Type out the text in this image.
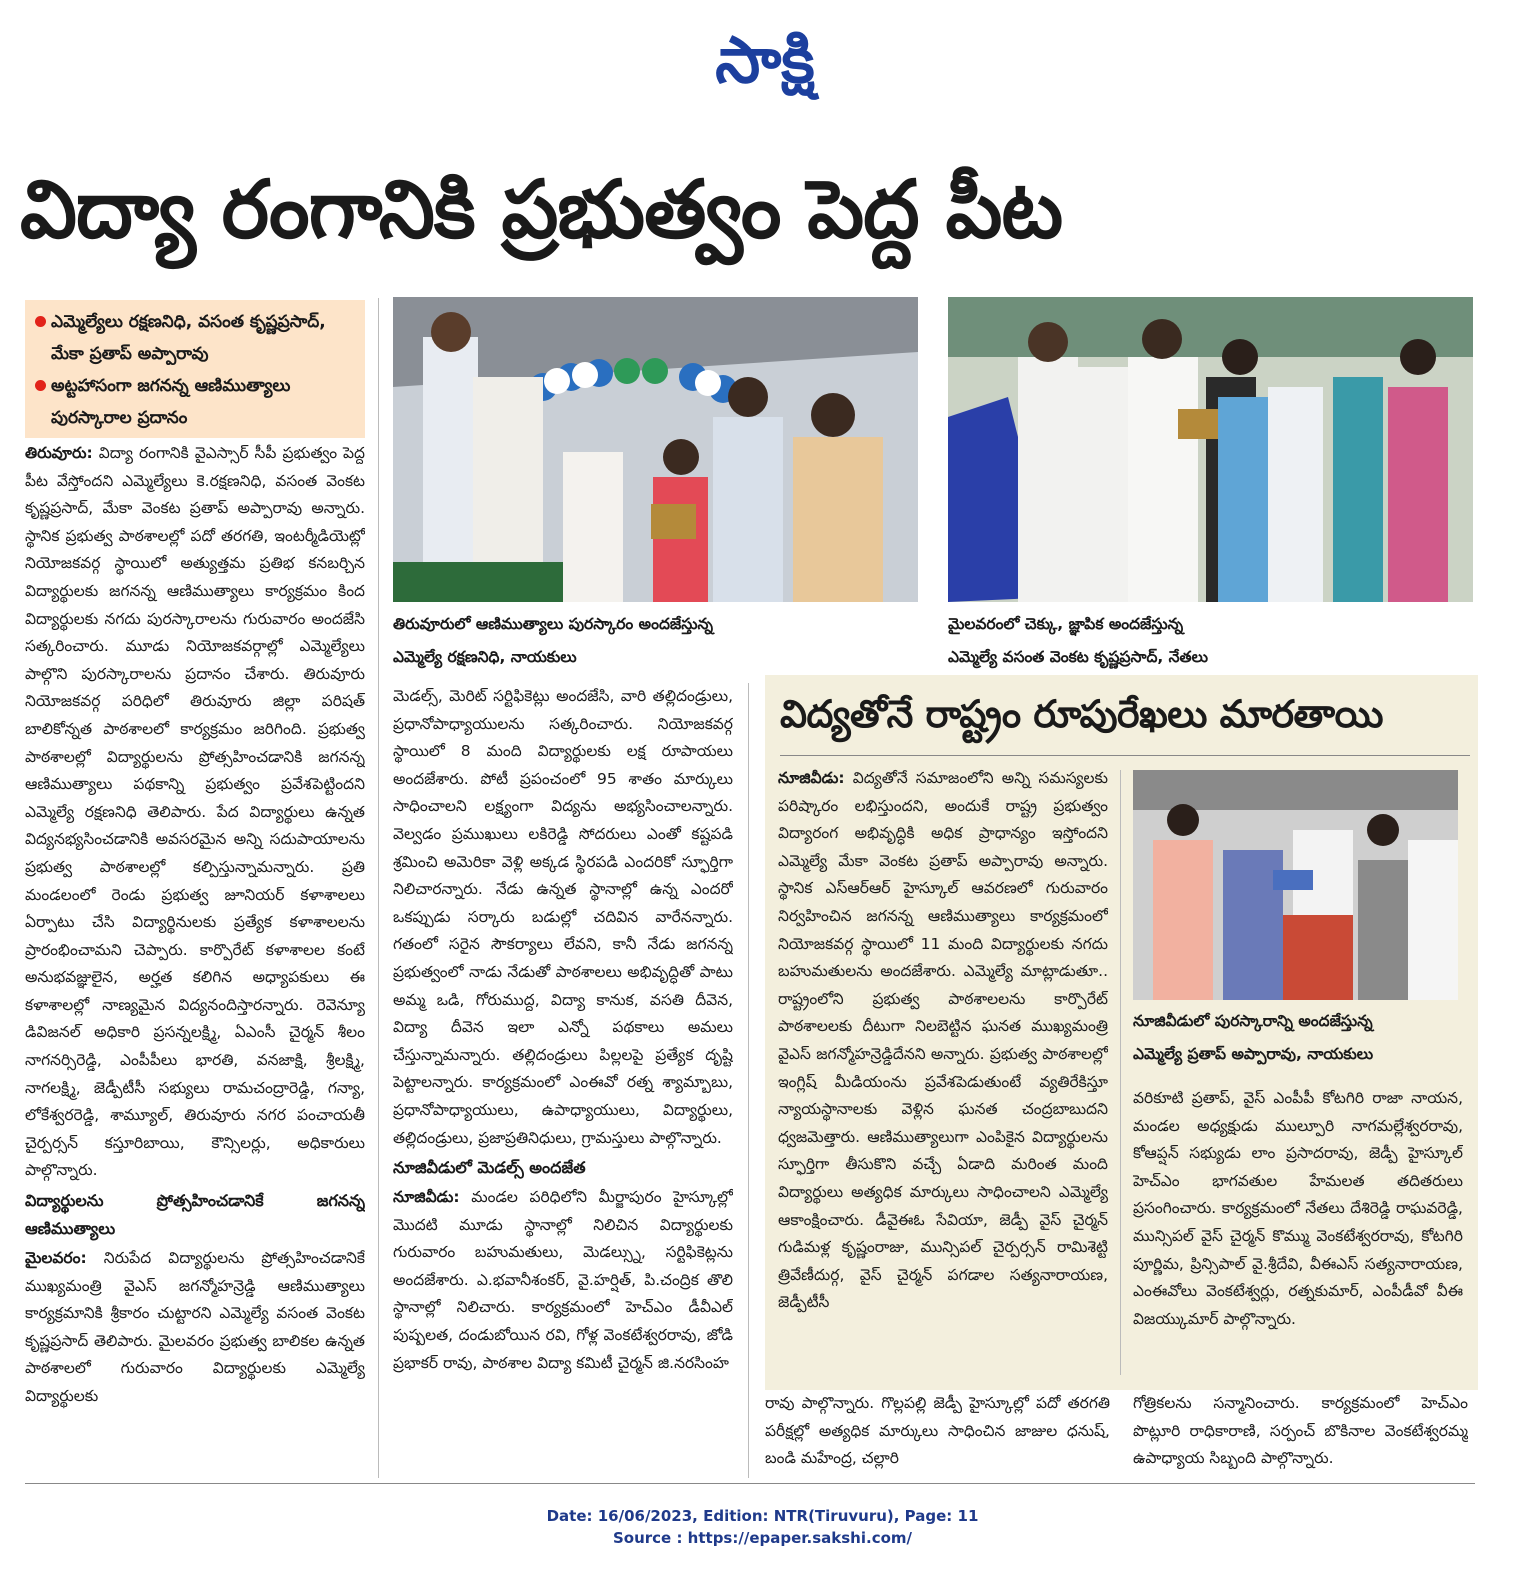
సాక్షి
విద్యా రంగానికి ప్రభుత్వం పెద్ద పీట
ఎమ్మెల్యేలు రక్షణనిధి, వసంత కృష్ణప్రసాద్, మేకా ప్రతాప్ అప్పారావు
అట్టహాసంగా జగనన్న ఆణిముత్యాలు పురస్కారాల ప్రదానం

తిరువూరు: విద్యా రంగానికి వైఎస్సార్ సీపీ ప్రభుత్వం పెద్ద పీట వేస్తోందని ఎమ్మెల్యేలు కె.రక్షణనిధి, వసంత వెంకట కృష్ణప్రసాద్, మేకా వెంకట ప్రతాప్ అప్పారావు అన్నారు. స్థానిక ప్రభుత్వ పాఠశాలల్లో పదో తరగతి, ఇంటర్మీడియెట్లో నియోజకవర్గ స్థాయిలో అత్యుత్తమ ప్రతిభ కనబర్చిన విద్యార్థులకు జగనన్న ఆణిముత్యాలు కార్యక్రమం కింద విద్యార్థులకు నగదు పురస్కారాలను గురువారం అందజేసి సత్కరించారు. మూడు నియోజకవర్గాల్లో ఎమ్మెల్యేలు పాల్గొని పురస్కారాలను ప్రదానం చేశారు. తిరువూరు నియోజకవర్గ పరిధిలో తిరువూరు జిల్లా పరిషత్ బాలికోన్నత పాఠశాలలో కార్యక్రమం జరిగింది. ప్రభుత్వ పాఠశాలల్లో విద్యార్థులను ప్రోత్సహించడానికి జగనన్న ఆణిముత్యాలు పథకాన్ని ప్రభుత్వం ప్రవేశపెట్టిందని ఎమ్మెల్యే రక్షణనిధి తెలిపారు. పేద విద్యార్థులు ఉన్నత విద్యనభ్యసించడానికి అవసరమైన అన్ని సదుపాయాలను ప్రభుత్వ పాఠశాలల్లో కల్పిస్తున్నామన్నారు. ప్రతి మండలంలో రెండు ప్రభుత్వ జూనియర్ కళాశాలలు ఏర్పాటు చేసి విద్యార్థినులకు ప్రత్యేక కళాశాలలను ప్రారంభించామని చెప్పారు. కార్పొరేట్ కళాశాలల కంటే అనుభవజ్ఞులైన, అర్హత కలిగిన అధ్యాపకులు ఈ కళాశాలల్లో నాణ్యమైన విద్యనందిస్తారన్నారు. రెవెన్యూ డివిజనల్ అధికారి ప్రసన్నలక్ష్మి, ఏఎంసీ చైర్మన్ శీలం నాగనర్సిరెడ్డి, ఎంపీపీలు భారతి, వనజాక్షి, శ్రీలక్ష్మి, నాగలక్ష్మి, జెడ్పీటీసీ సభ్యులు రామచంద్రారెడ్డి, గన్యా, లోకేశ్వరరెడ్డి, శామ్యూల్, తిరువూరు నగర పంచాయతీ చైర్పర్సన్ కస్తూరిబాయి, కౌన్సిలర్లు, అధికారులు పాల్గొన్నారు.

విద్యార్థులను ప్రోత్సహించడానికే జగనన్న ఆణిముత్యాలు

మైలవరం: నిరుపేద విద్యార్థులను ప్రోత్సహించడానికే ముఖ్యమంత్రి వైఎస్ జగన్మోహన్రెడ్డి ఆణిముత్యాలు కార్యక్రమానికి శ్రీకారం చుట్టారని ఎమ్మెల్యే వసంత వెంకట కృష్ణప్రసాద్ తెలిపారు. మైలవరం ప్రభుత్వ బాలికల ఉన్నత పాఠశాలలో గురువారం విద్యార్థులకు ఎమ్మెల్యే విద్యార్థులకు

తిరువూరులో ఆణిముత్యాలు పురస్కారం అందజేస్తున్న
ఎమ్మెల్యే రక్షణనిధి, నాయకులు
మైలవరంలో చెక్కు, జ్ఞాపిక అందజేస్తున్న
ఎమ్మెల్యే వసంత వెంకట కృష్ణప్రసాద్, నేతలు

మెడల్స్, మెరిట్ సర్టిఫికెట్లు అందజేసి, వారి తల్లిదండ్రులు, ప్రధానోపాధ్యాయులను సత్కరించారు. నియోజకవర్గ స్థాయిలో 8 మంది విద్యార్థులకు లక్ష రూపాయలు అందజేశారు. పోటీ ప్రపంచంలో 95 శాతం మార్కులు సాధించాలని లక్ష్యంగా విద్యను అభ్యసించాలన్నారు. వెల్వడం ప్రముఖులు లకిరెడ్డి సోదరులు ఎంతో కష్టపడి శ్రమించి అమెరికా వెళ్లి అక్కడ స్థిరపడి ఎందరికో స్ఫూర్తిగా నిలిచారన్నారు. నేడు ఉన్నత స్థానాల్లో ఉన్న ఎందరో ఒకప్పుడు సర్కారు బడుల్లో చదివిన వారేనన్నారు. గతంలో సరైన సౌకర్యాలు లేవని, కానీ నేడు జగనన్న ప్రభుత్వంలో నాడు నేడుతో పాఠశాలలు అభివృద్ధితో పాటు అమ్మ ఒడి, గోరుముద్ద, విద్యా కానుక, వసతి దీవెన, విద్యా దీవెన ఇలా ఎన్నో పథకాలు అమలు చేస్తున్నామన్నారు. తల్లిదండ్రులు పిల్లలపై ప్రత్యేక దృష్టి పెట్టాలన్నారు. కార్యక్రమంలో ఎంఈవో రత్న శ్యామ్బాబు, ప్రధానోపాధ్యాయులు, ఉపాధ్యాయులు, విద్యార్థులు, తల్లిదండ్రులు, ప్రజాప్రతినిధులు, గ్రామస్తులు పాల్గొన్నారు.

నూజివీడులో మెడల్స్ అందజేత

నూజివీడు: మండల పరిధిలోని మీర్జాపురం హైస్కూల్లో మొదటి మూడు స్థానాల్లో నిలిచిన విద్యార్థులకు గురువారం బహుమతులు, మెడల్స్ను, సర్టిఫికెట్లను అందజేశారు. ఎ.భవానీశంకర్, వై.హర్షిత్, పి.చంద్రిక తొలి స్థానాల్లో నిలిచారు. కార్యక్రమంలో హెచ్ఎం డీవీఎల్ పుష్పలత, దండుబోయిన రవి, గోళ్ల వెంకటేశ్వరరావు, జోడి ప్రభాకర్ రావు, పాఠశాల విద్యా కమిటీ చైర్మన్ జి.నరసింహ

విద్యతోనే రాష్ట్రం రూపురేఖలు మారతాయి

నూజివీడు: విద్యతోనే సమాజంలోని అన్ని సమస్యలకు పరిష్కారం లభిస్తుందని, అందుకే రాష్ట్ర ప్రభుత్వం విద్యారంగ అభివృద్ధికి అధిక ప్రాధాన్యం ఇస్తోందని ఎమ్మెల్యే మేకా వెంకట ప్రతాప్ అప్పారావు అన్నారు. స్థానిక ఎస్ఆర్ఆర్ హైస్కూల్ ఆవరణలో గురువారం నిర్వహించిన జగనన్న ఆణిముత్యాలు కార్యక్రమంలో నియోజకవర్గ స్థాయిలో 11 మంది విద్యార్థులకు నగదు బహుమతులను అందజేశారు. ఎమ్మెల్యే మాట్లాడుతూ.. రాష్ట్రంలోని ప్రభుత్వ పాఠశాలలను కార్పొరేట్ పాఠశాలలకు దీటుగా నిలబెట్టిన ఘనత ముఖ్యమంత్రి వైఎస్ జగన్మోహన్రెడ్డిదేనని అన్నారు. ప్రభుత్వ పాఠశాలల్లో ఇంగ్లిష్ మీడియంను ప్రవేశపెడుతుంటే వ్యతిరేకిస్తూ న్యాయస్థానాలకు వెళ్లిన ఘనత చంద్రబాబుదని ధ్వజమెత్తారు. ఆణిముత్యాలుగా ఎంపికైన విద్యార్థులను స్ఫూర్తిగా తీసుకొని వచ్చే ఏడాది మరింత మంది విద్యార్థులు అత్యధిక మార్కులు సాధించాలని ఎమ్మెల్యే ఆకాంక్షించారు. డీవైఈఓ సేవియా, జెడ్పీ వైస్ చైర్మన్ గుడిమళ్ల కృష్ణంరాజు, మున్సిపల్ చైర్పర్సన్ రామిశెట్టి త్రివేణీదుర్గ, వైస్ చైర్మన్ పగడాల సత్యనారాయణ, జెడ్పీటీసీ

నూజివీడులో పురస్కారాన్ని అందజేస్తున్న
ఎమ్మెల్యే ప్రతాప్ అప్పారావు, నాయకులు

వరికూటి ప్రతాప్, వైస్ ఎంపీపీ కోటగిరి రాజా నాయన, మండల అధ్యక్షుడు ముల్పూరి నాగమల్లేశ్వరరావు, కోఆప్షన్ సభ్యుడు లాం ప్రసాదరావు, జెడ్పీ హైస్కూల్ హెచ్ఎం భాగవతుల హేమలత తదితరులు ప్రసంగించారు. కార్యక్రమంలో నేతలు దేశిరెడ్డి రాఘవరెడ్డి, మున్సిపల్ వైస్ చైర్మన్ కొమ్ము వెంకటేశ్వరరావు, కోటగిరి పూర్ణిమ, ప్రిన్సిపాల్ వై.శ్రీదేవి, వీఈఎస్ సత్యనారాయణ, ఎంఈవోలు వెంకటేశ్వర్లు, రత్నకుమార్, ఎంపీడీవో వీఈ విజయ్కుమార్ పాల్గొన్నారు.

రావు పాల్గొన్నారు. గొల్లపల్లి జెడ్పీ హైస్కూల్లో పదో తరగతి పరీక్షల్లో అత్యధిక మార్కులు సాధించిన జాజుల ధనుష్, బండి మహేంద్ర, చల్లారి

గోత్రికలను సన్మానించారు. కార్యక్రమంలో హెచ్ఎం పొట్లూరి రాధికారాణి, సర్పంచ్ బొకినాల వెంకటేశ్వరమ్మ ఉపాధ్యాయ సిబ్బంది పాల్గొన్నారు.

Date: 16/06/2023, Edition: NTR(Tiruvuru), Page: 11
Source : https://epaper.sakshi.com/
